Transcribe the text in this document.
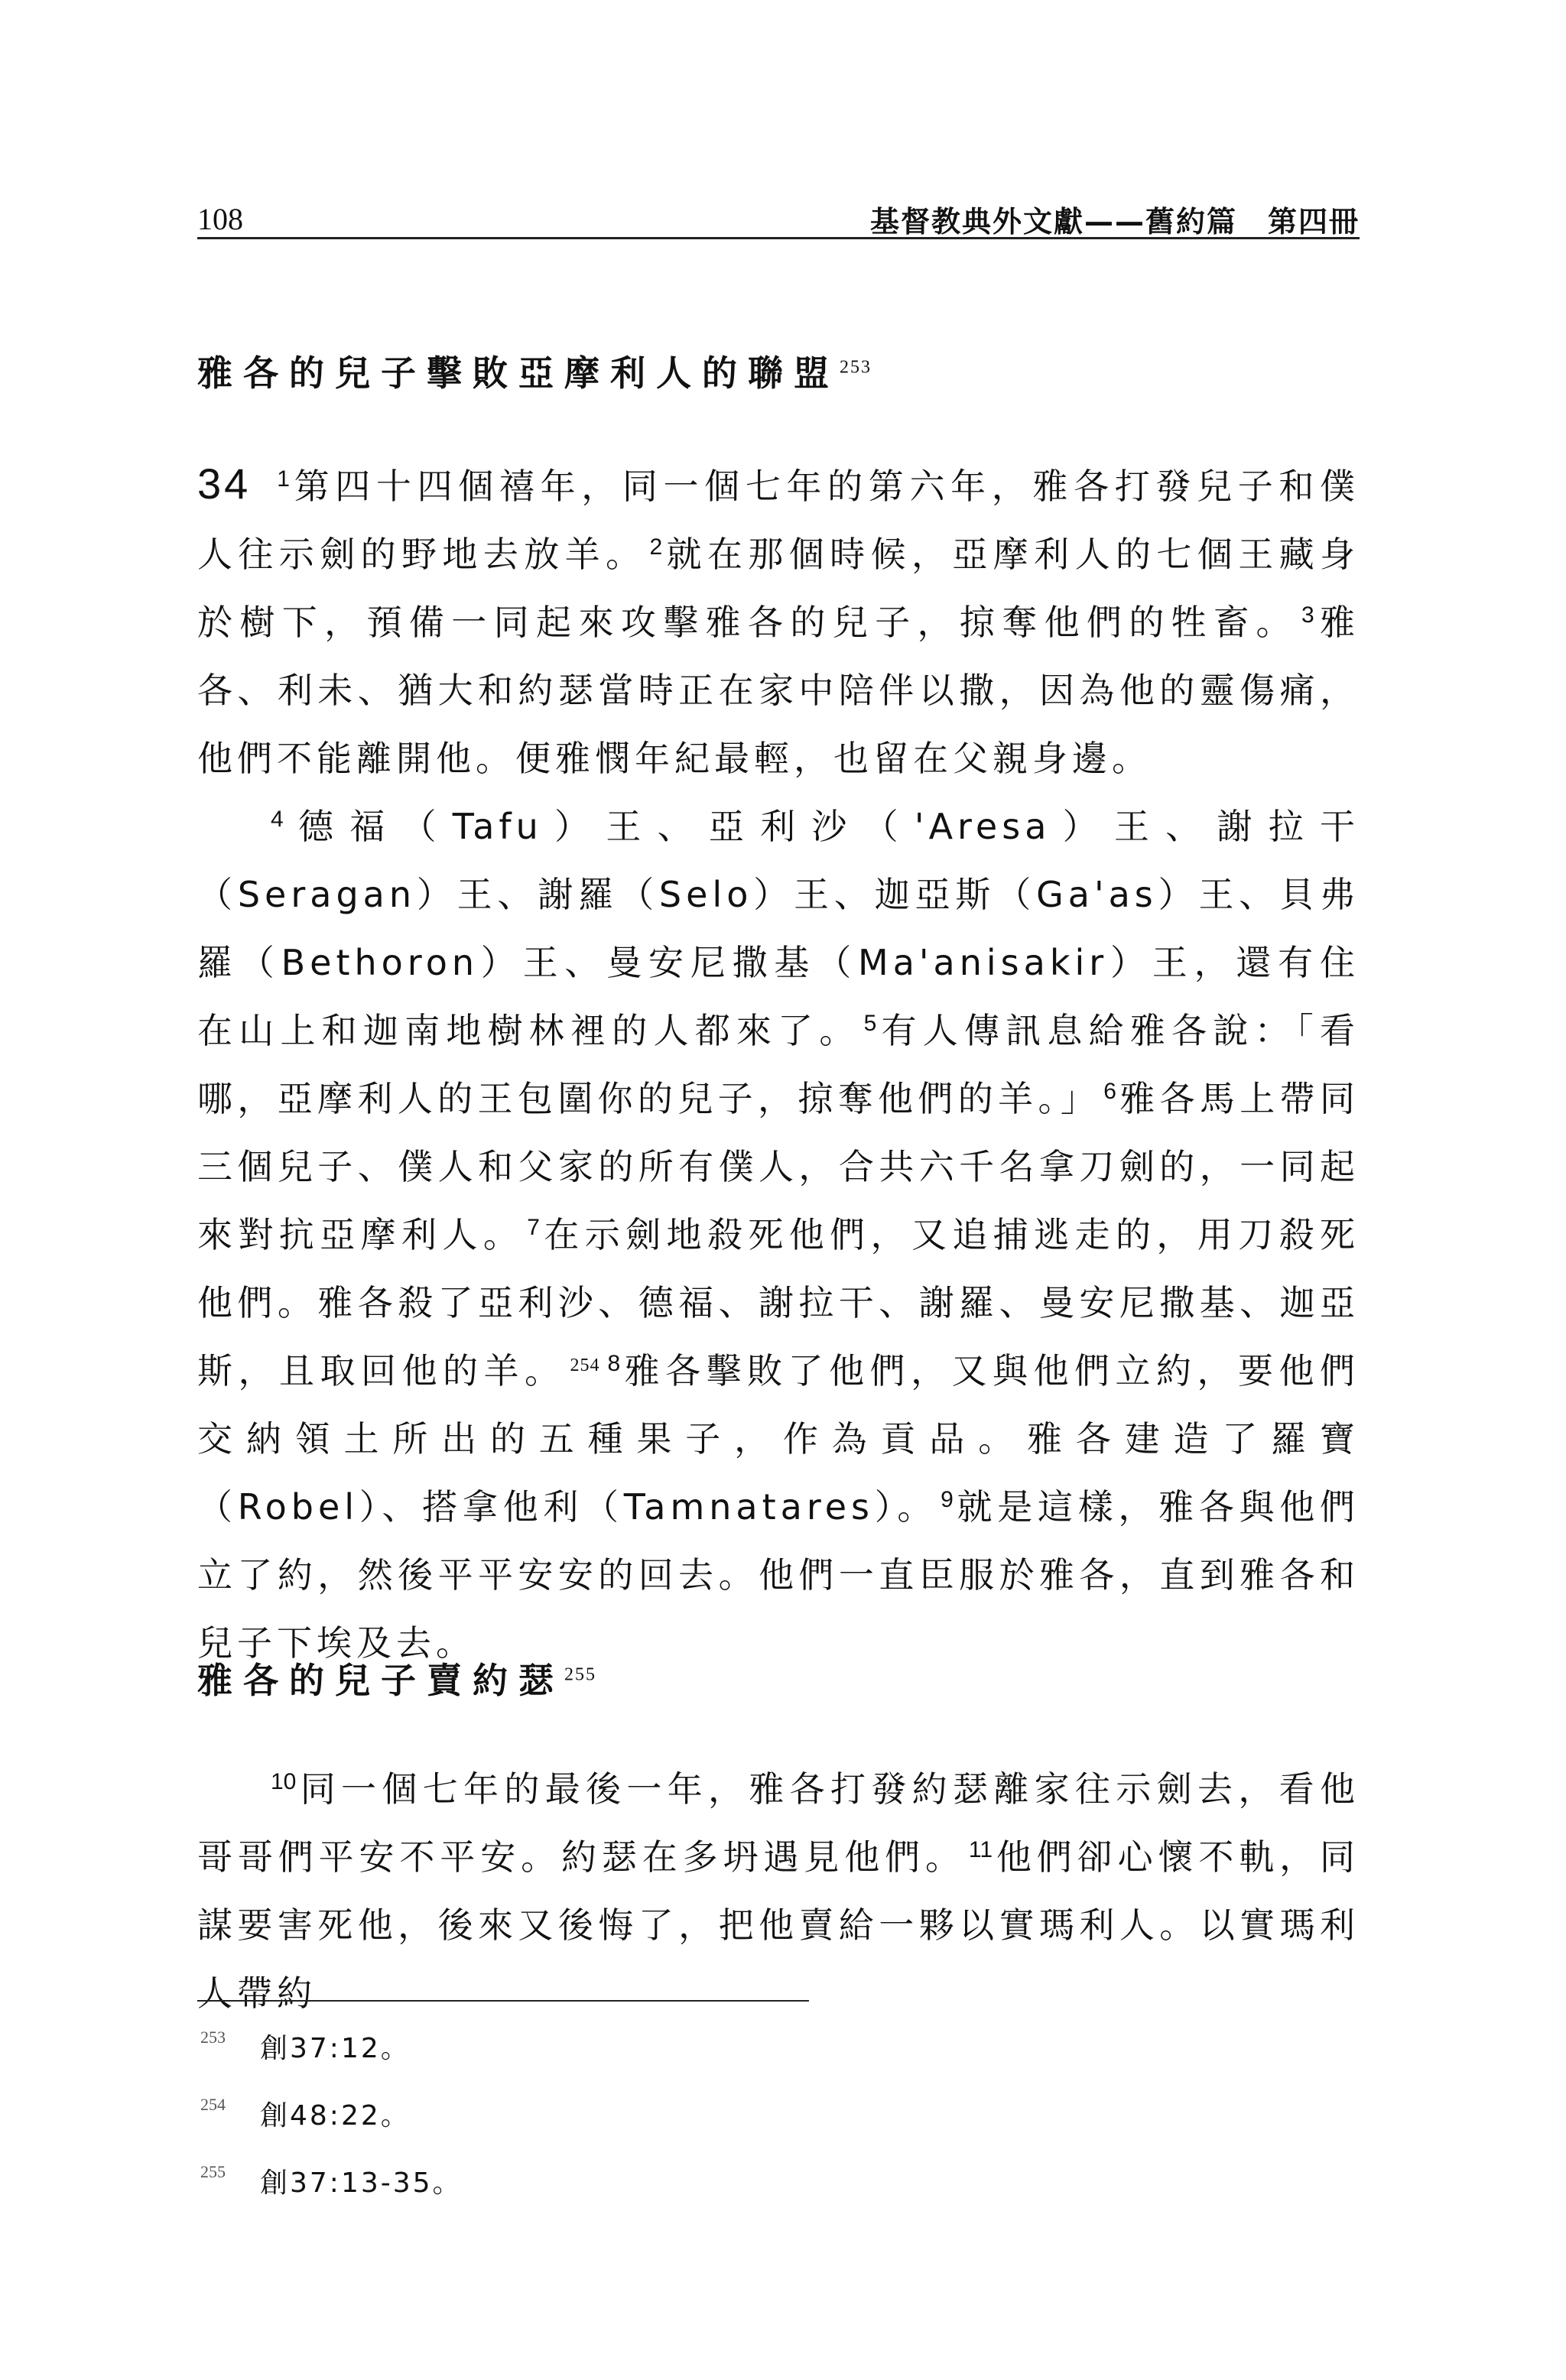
108	基督教典外文獻——舊約篇　第四冊
雅各的兒子擊敗亞摩利人的聯盟$^{253}$

34 $^1$第四十四個禧年，同一個七年的第六年，雅各打發兒子和僕人往示劍的野地去放羊。 $^2$就在那個時候，亞摩利人的七個王藏身於樹下，預備一同起來攻擊雅各的兒子，掠奪他們的牲畜。 $^3$雅各、利未、猶大和約瑟當時正在家中陪伴以撒，因為他的靈傷痛，他們不能離開他。便雅憫年紀最輕，也留在父親身邊。

$^4$德福（Tafu）王、亞利沙（'Aresa）王、謝拉干（Seragan）王、謝羅（Selo）王、迦亞斯（Ga'as）王、貝弗羅（Bethoron）王、曼安尼撒基（Ma'anisakir）王，還有住在山上和迦南地樹林裡的人都來了。 $^5$有人傳訊息給雅各說：「看哪，亞摩利人的王包圍你的兒子，掠奪他們的羊。」 $^6$雅各馬上帶同三個兒子、僕人和父家的所有僕人，合共六千名拿刀劍的，一同起來對抗亞摩利人。 $^7$在示劍地殺死他們，又追捕逃走的，用刀殺死他們。雅各殺了亞利沙、德福、謝拉干、謝羅、曼安尼撒基、迦亞斯，且取回他的羊。 $^{254}$ $^8$雅各擊敗了他們，又與他們立約，要他們交納領土所出的五種果子，作為貢品。雅各建造了羅寶（Robel）、搭拿他利（Tamnatares）。 $^9$就是這樣，雅各與他們立了約，然後平平安安的回去。他們一直臣服於雅各，直到雅各和兒子下埃及去。

雅各的兒子賣約瑟$^{255}$

$^{10}$同一個七年的最後一年，雅各打發約瑟離家往示劍去，看他哥哥們平安不平安。約瑟在多坍遇見他們。 $^{11}$他們卻心懷不軌，同謀要害死他，後來又後悔了，把他賣給一夥以實瑪利人。以實瑪利人帶約

253 創37:12。
254 創48:22。
255 創37:13-35。
